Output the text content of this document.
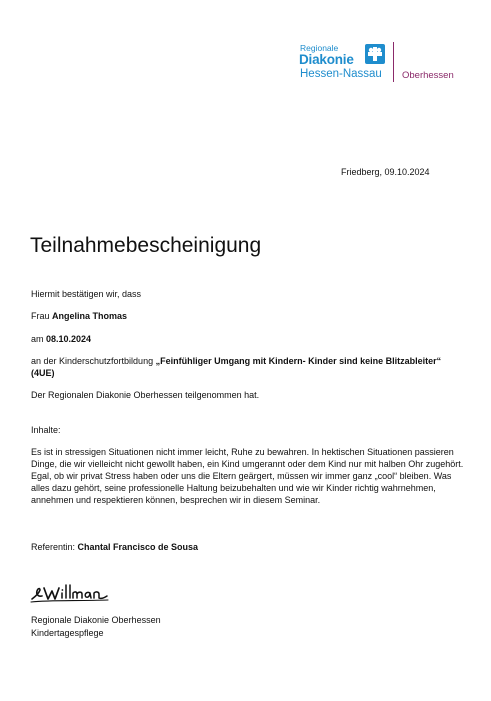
Regionale
Diakonie
Hessen-Nassau Oberhessen
Friedberg, 09.10.2024
Teilnahmebescheinigung
Hiermit bestätigen wir, dass
Frau Angelina Thomas
am 08.10.2024
an der Kinderschutzfortbildung „Feinfühliger Umgang mit Kindern- Kinder sind keine Blitzableiter“ (4UE)
Der Regionalen Diakonie Oberhessen teilgenommen hat.
Inhalte:
Es ist in stressigen Situationen nicht immer leicht, Ruhe zu bewahren. In hektischen Situationen passieren Dinge, die wir vielleicht nicht gewollt haben, ein Kind umgerannt oder dem Kind nur mit halben Ohr zugehört. Egal, ob wir privat Stress haben oder uns die Eltern geärgert, müssen wir immer ganz „cool“ bleiben. Was alles dazu gehört, seine professionelle Haltung beizubehalten und wie wir Kinder richtig wahrnehmen, annehmen und respektieren können, besprechen wir in diesem Seminar.
Referentin: Chantal Francisco de Sousa
Regionale Diakonie Oberhessen
Kindertagespflege
